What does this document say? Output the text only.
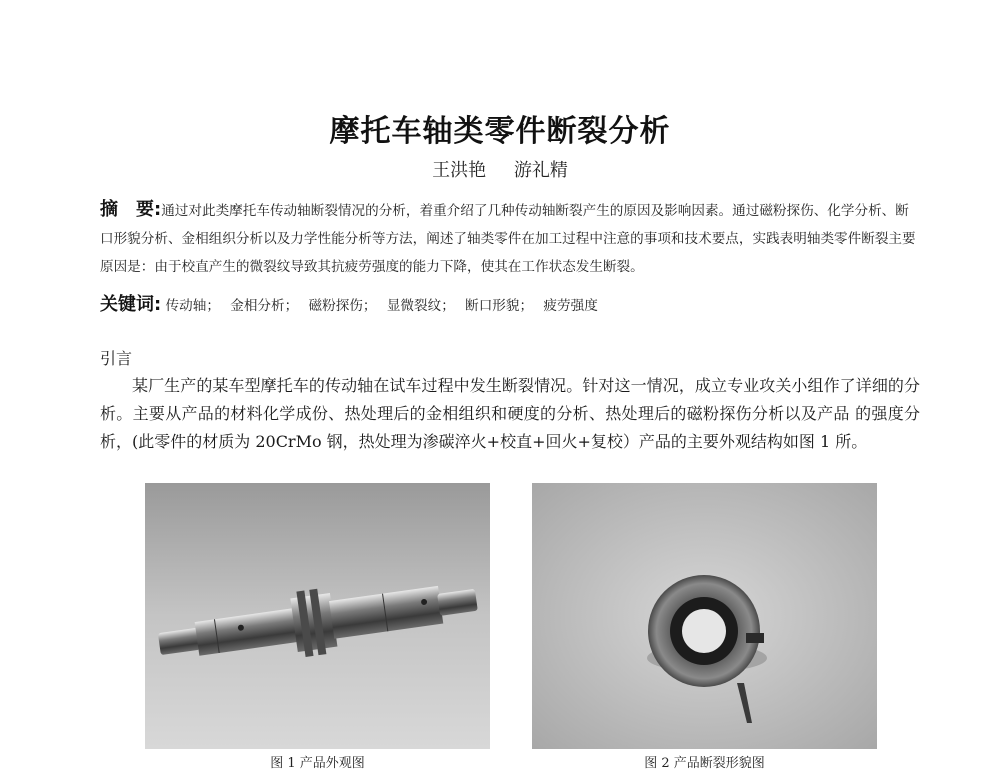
摩托车轴类零件断裂分析
王洪艳 游礼精
摘　要:通过对此类摩托车传动轴断裂情况的分析，着重介绍了几种传动轴断裂产生的原因及影响因素。通过磁粉探伤、化学分析、断口形貌分析、金相组织分析以及力学性能分析等方法，阐述了轴类零件在加工过程中注意的事项和技术要点，实践表明轴类零件断裂主要原因是：由于校直产生的微裂纹导致其抗疲劳强度的能力下降，使其在工作状态发生断裂。
关键词: 传动轴； 金相分析； 磁粉探伤； 显微裂纹； 断口形貌； 疲劳强度
引言
某厂生产的某车型摩托车的传动轴在试车过程中发生断裂情况。针对这一情况，成立专业攻关小组作了详细的分析。主要从产品的材料化学成份、热处理后的金相组织和硬度的分析、热处理后的磁粉探伤分析以及产品 的强度分析，(此零件的材质为 20CrMo 钢，热处理为渗碳淬火+校直+回火+复校）产品的主要外观结构如图 1 所。
图 1 产品外观图	图 2 产品断裂形貌图
